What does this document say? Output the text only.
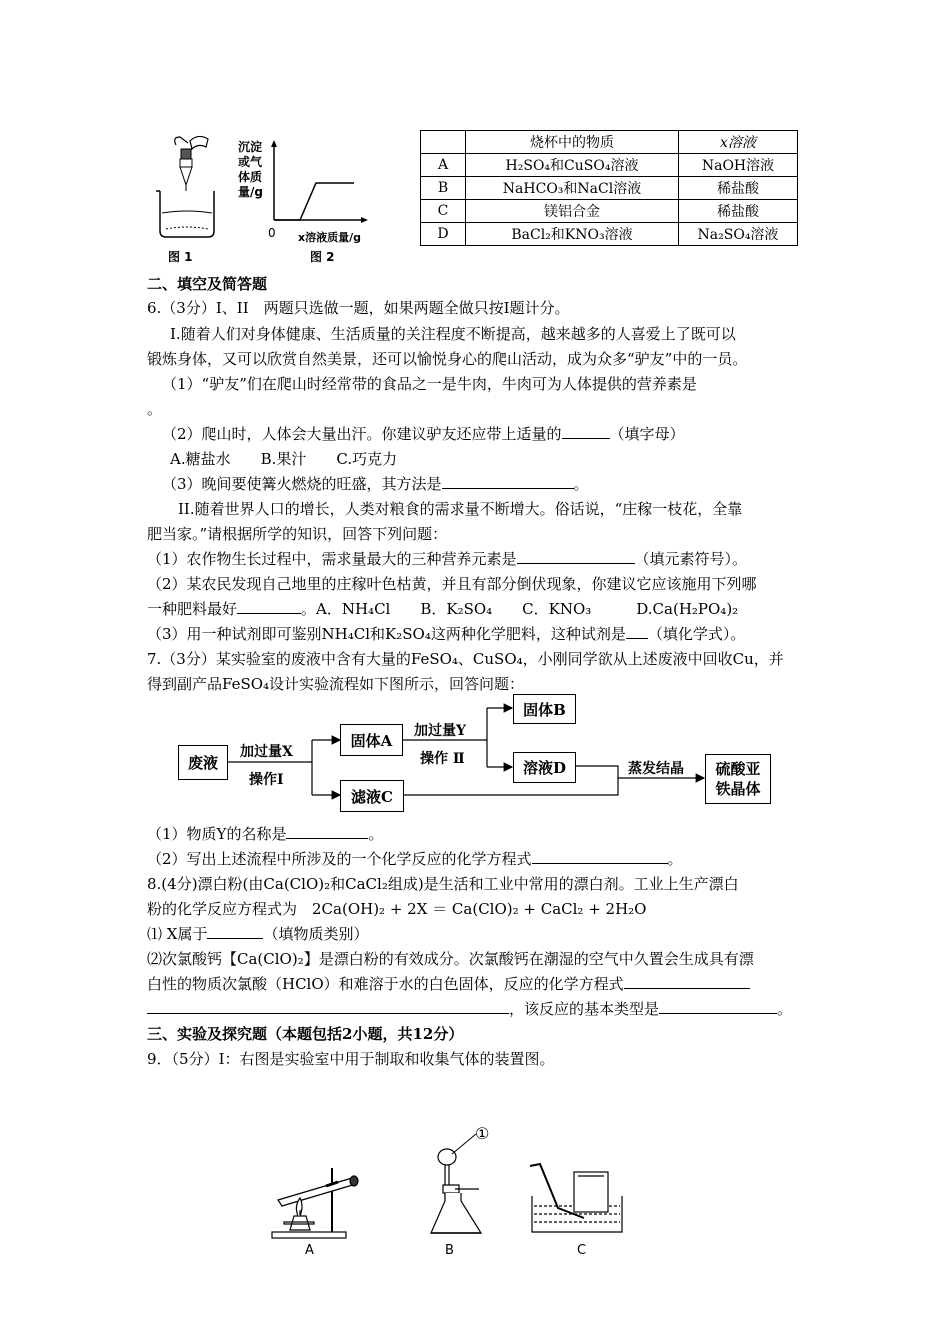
图 1
沉淀
或气
体质
量/g
0 x溶液质量/g
图 2
	烧杯中的物质	x溶液
A	H₂SO₄和CuSO₄溶液	NaOH溶液
B	NaHCO₃和NaCl溶液	稀盐酸
C	镁铝合金	稀盐酸
D	BaCl₂和KNO₃溶液	Na₂SO₄溶液
二、填空及简答题
6.（3分）I、II　两题只选做一题，如果两题全做只按I题计分。
I.随着人们对身体健康、生活质量的关注程度不断提高，越来越多的人喜爱上了既可以
锻炼身体，又可以欣赏自然美景，还可以愉悦身心的爬山活动，成为众多“驴友”中的一员。
（1）“驴友”们在爬山时经常带的食品之一是牛肉，牛肉可为人体提供的营养素是
。
（2）爬山时，人体会大量出汗。你建议驴友还应带上适量的	（填字母）
A.糖盐水　　B.果汁　　C.巧克力
（3）晚间要使篝火燃烧的旺盛，其方法是	。
II.随着世界人口的增长，人类对粮食的需求量不断增大。俗话说，“庄稼一枝花，全靠
肥当家。”请根据所学的知识，回答下列问题：
（1）农作物生长过程中，需求量最大的三种营养元素是	（填元素符号）。
（2）某农民发现自己地里的庄稼叶色枯黄，并且有部分倒伏现象，你建议它应该施用下列哪
一种肥料最好	。A．NH₄Cl　　B．K₂SO₄　　C．KNO₃　　　D.Ca(H₂PO₄)₂
（3）用一种试剂即可鉴别NH₄Cl和K₂SO₄这两种化学肥料，这种试剂是 （填化学式）。
7.（3分）某实验室的废液中含有大量的FeSO₄、CuSO₄，小刚同学欲从上述废液中回收Cu，并
得到副产品FeSO₄设计实验流程如下图所示，回答问题：
废液
加过量X
操作I
固体A
滤液C
加过量Y
操作 Ⅱ
固体B
溶液D	蒸发结晶 硫酸亚
铁晶体
（1）物质Y的名称是	。
（2）写出上述流程中所涉及的一个化学反应的化学方程式	。
8.(4分)漂白粉(由Ca(ClO)₂和CaCl₂组成)是生活和工业中常用的漂白剂。工业上生产漂白
粉的化学反应方程式为　2Ca(OH)₂ + 2X ＝ Ca(ClO)₂ + CaCl₂ + 2H₂O
⑴ X属于	（填物质类别）
⑵次氯酸钙【Ca(ClO)₂】是漂白粉的有效成分。次氯酸钙在潮湿的空气中久置会生成具有漂
白性的物质次氯酸（HClO）和难溶于水的白色固体，反应的化学方程式
，该反应的基本类型是	。
三、实验及探究题（本题包括2小题，共12分）
9．（5分）Ⅰ：右图是实验室中用于制取和收集气体的装置图。
①
A	B	C
